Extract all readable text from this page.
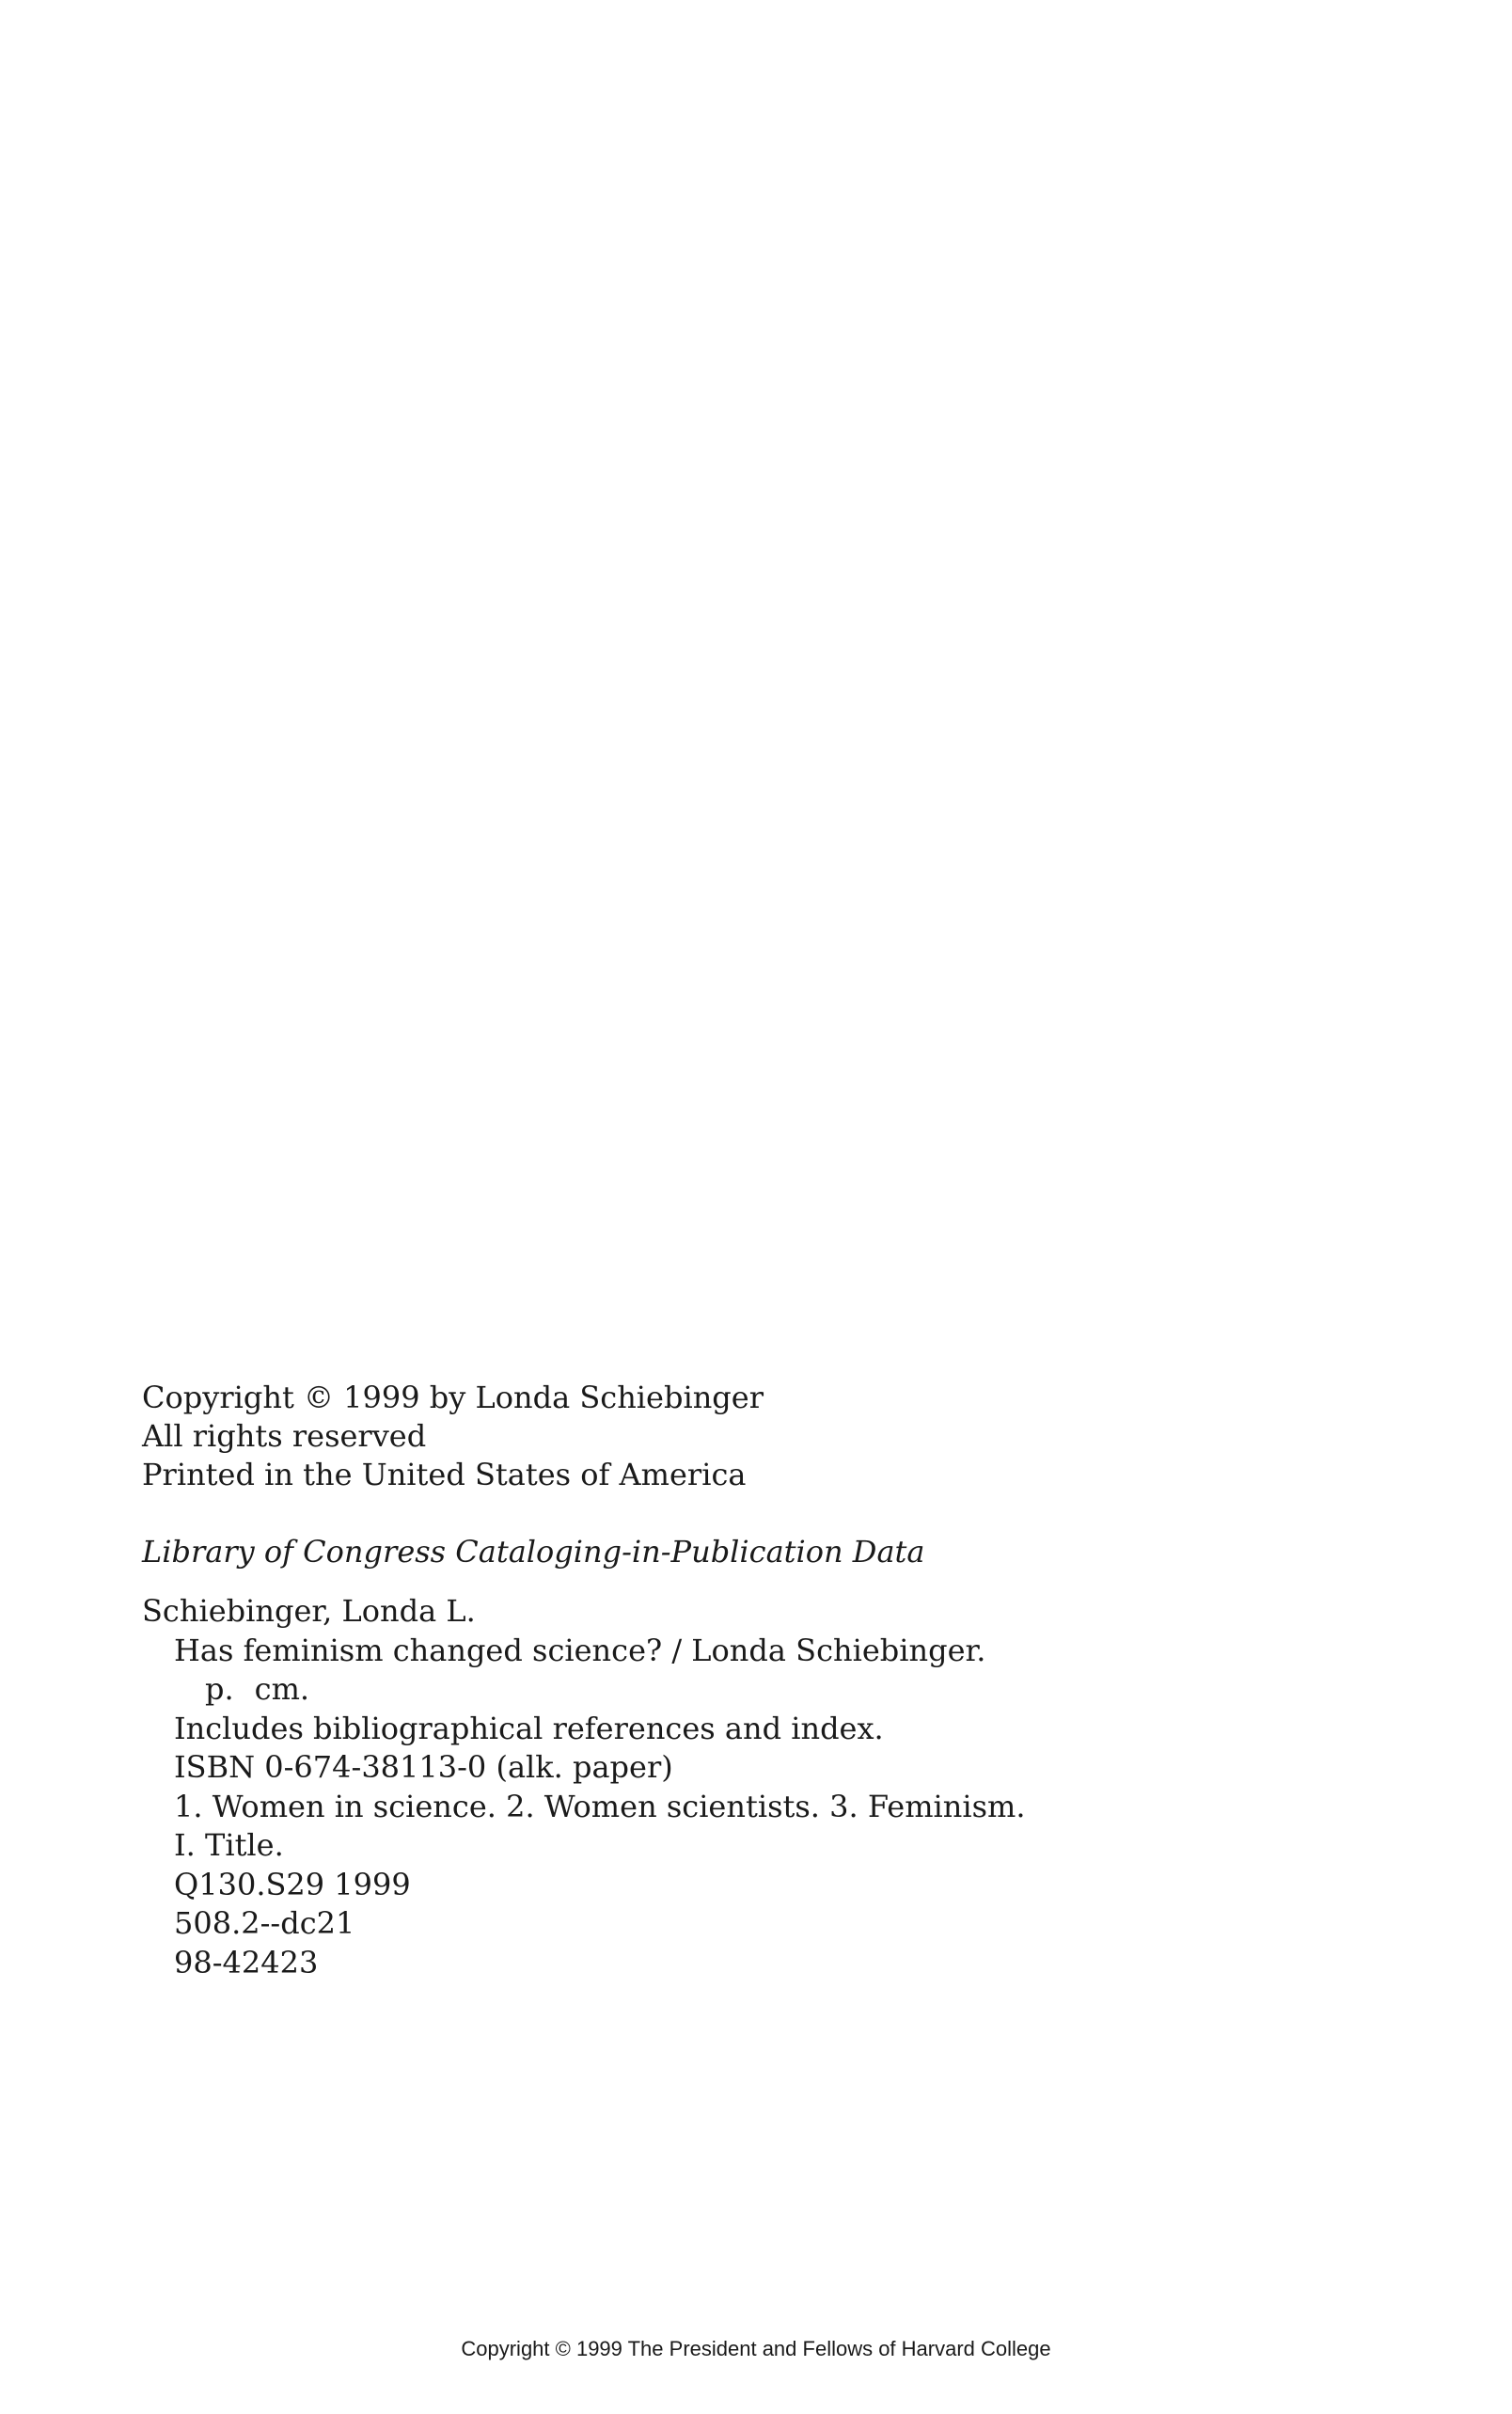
Copyright © 1999 by Londa Schiebinger
All rights reserved
Printed in the United States of America
Library of Congress Cataloging-in-Publication Data
Schiebinger, Londa L.
Has feminism changed science? / Londa Schiebinger.
p. cm.
Includes bibliographical references and index.
ISBN 0-674-38113-0 (alk. paper)
1. Women in science. 2. Women scientists. 3. Feminism.
I. Title.
Q130.S29 1999
508.2--dc21
98-42423
Copyright © 1999 The President and Fellows of Harvard College
